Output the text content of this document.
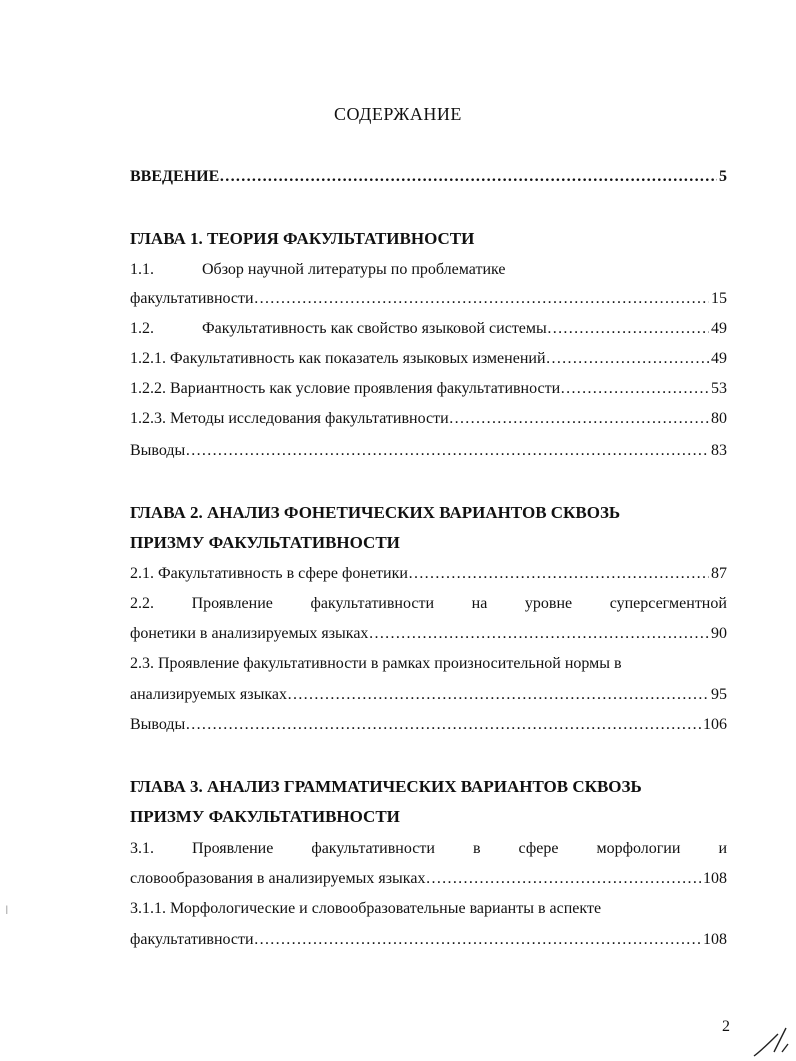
СОДЕРЖАНИЕ
ВВЕДЕНИЕ …………………………………………………………………………………………………………………………………………………………	5
ГЛАВА 1. ТЕОРИЯ ФАКУЛЬТАТИВНОСТИ
1.1.	Обзор научной литературы по проблематике
факультативности …………………………………………………………………………………………………………………………………………………………	15
1.2.	Факультативность как свойство языковой системы …………………………………………………………………………………………………………………………………………………………	49
1.2.1. Факультативность как показатель языковых изменений …………………………………………………………………………………………………………………………………………………………	49
1.2.2. Вариантность как условие проявления факультативности …………………………………………………………………………………………………………………………………………………………	53
1.2.3. Методы исследования факультативности …………………………………………………………………………………………………………………………………………………………	80
Выводы …………………………………………………………………………………………………………………………………………………………	83
ГЛАВА 2. АНАЛИЗ ФОНЕТИЧЕСКИХ ВАРИАНТОВ СКВОЗЬ
ПРИЗМУ ФАКУЛЬТАТИВНОСТИ
2.1. Факультативность в сфере фонетики …………………………………………………………………………………………………………………………………………………………	87
2.2. Проявление факультативности на уровне суперсегментной
фонетики в анализируемых языках …………………………………………………………………………………………………………………………………………………………	90
2.3. Проявление факультативности в рамках произносительной нормы в
анализируемых языках …………………………………………………………………………………………………………………………………………………………	95
Выводы …………………………………………………………………………………………………………………………………………………………	106
ГЛАВА 3. АНАЛИЗ ГРАММАТИЧЕСКИХ ВАРИАНТОВ СКВОЗЬ
ПРИЗМУ ФАКУЛЬТАТИВНОСТИ
3.1. Проявление факультативности в сфере морфологии и
словообразования в анализируемых языках …………………………………………………………………………………………………………………………………………………………	108
3.1.1. Морфологические и словообразовательные варианты в аспекте
факультативности …………………………………………………………………………………………………………………………………………………………	108
|
2
